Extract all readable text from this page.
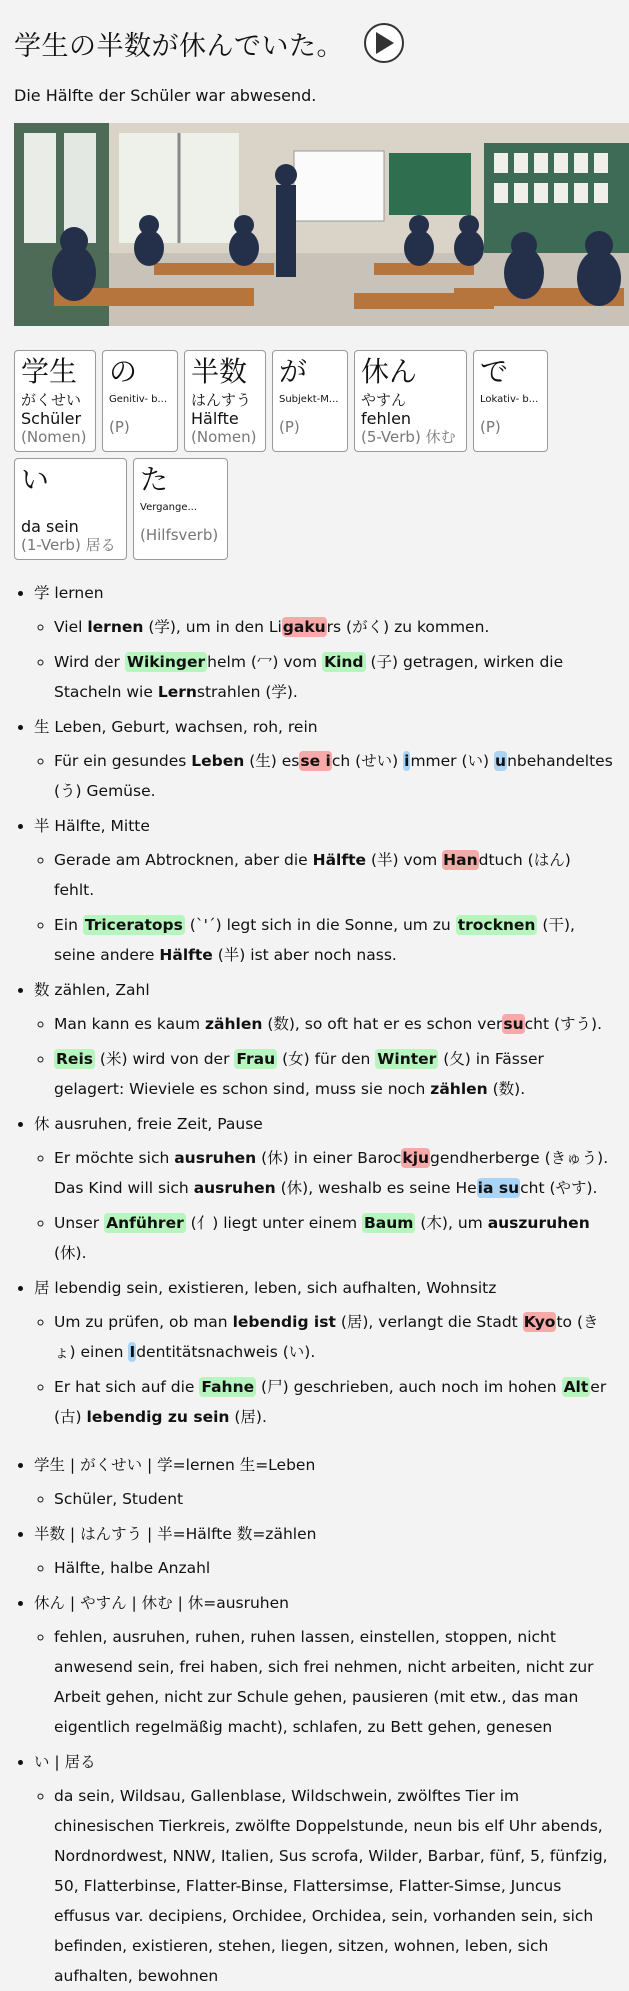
学生の半数が休んでいた。

Die Hälfte der Schüler war abwesend.

学生
がくせい
Schüler
(Nomen)
の
Genitiv- b...
(P)
半数
はんすう
Hälfte
(Nomen)
が
Subjekt-M...
(P)
休ん
やすん
fehlen
(5-Verb) 休む
で
Lokativ- b...
(P)
い
da sein
(1-Verb) 居る
た
Vergange...
(Hilfsverb)
• 学 lernen
◦ Viel lernen (学), um in den Ligakurs (がく) zu kommen.
◦ Wird der Wikinger helm (冖) vom Kind (子) getragen, wirken die Stacheln wie Lernstrahlen (学).
• 生 Leben, Geburt, wachsen, roh, rein
◦ Für ein gesundes Leben (生) esse ich (せい) immer (い) unbehandeltes (う) Gemüse.
• 半 Hälfte, Mitte
◦ Gerade am Abtrocknen, aber die Hälfte (半) vom Handtuch (はん) fehlt.
◦ Ein Triceratops (`'´) legt sich in die Sonne, um zu trocknen (干), seine andere Hälfte (半) ist aber noch nass.
• 数 zählen, Zahl
◦ Man kann es kaum zählen (数), so oft hat er es schon versucht (すう).
◦ Reis (米) wird von der Frau (女) für den Winter (夂) in Fässer gelagert: Wieviele es schon sind, muss sie noch zählen (数).
• 休 ausruhen, freie Zeit, Pause
◦ Er möchte sich ausruhen (休) in einer Barockjugendherberge (きゅう). Das Kind will sich ausruhen (休), weshalb es seine Heia sucht (やす).
◦ Unser Anführer (亻) liegt unter einem Baum (木), um auszuruhen (休).
• 居 lebendig sein, existieren, leben, sich aufhalten, Wohnsitz
◦ Um zu prüfen, ob man lebendig ist (居), verlangt die Stadt Kyoto (きょ) einen Identitätsnachweis (い).
◦ Er hat sich auf die Fahne (尸) geschrieben, auch noch im hohen Alt er (古) lebendig zu sein (居).
• 学生 | がくせい | 学=lernen 生=Leben
◦ Schüler, Student
• 半数 | はんすう | 半=Hälfte 数=zählen
◦ Hälfte, halbe Anzahl
• 休ん | やすん | 休む | 休=ausruhen
◦ fehlen, ausruhen, ruhen, ruhen lassen, einstellen, stoppen, nicht anwesend sein, frei haben, sich frei nehmen, nicht arbeiten, nicht zur Arbeit gehen, nicht zur Schule gehen, pausieren (mit etw., das man eigentlich regelmäßig macht), schlafen, zu Bett gehen, genesen
• い | 居る
◦ da sein, Wildsau, Gallenblase, Wildschwein, zwölftes Tier im chinesischen Tierkreis, zwölfte Doppelstunde, neun bis elf Uhr abends, Nordnordwest, NNW, Italien, Sus scrofa, Wilder, Barbar, fünf, 5, fünfzig, 50, Flatterbinse, Flatter-Binse, Flattersimse, Flatter-Simse, Juncus effusus var. decipiens, Orchidee, Orchidea, sein, vorhanden sein, sich befinden, existieren, stehen, liegen, sitzen, wohnen, leben, sich aufhalten, bewohnen
